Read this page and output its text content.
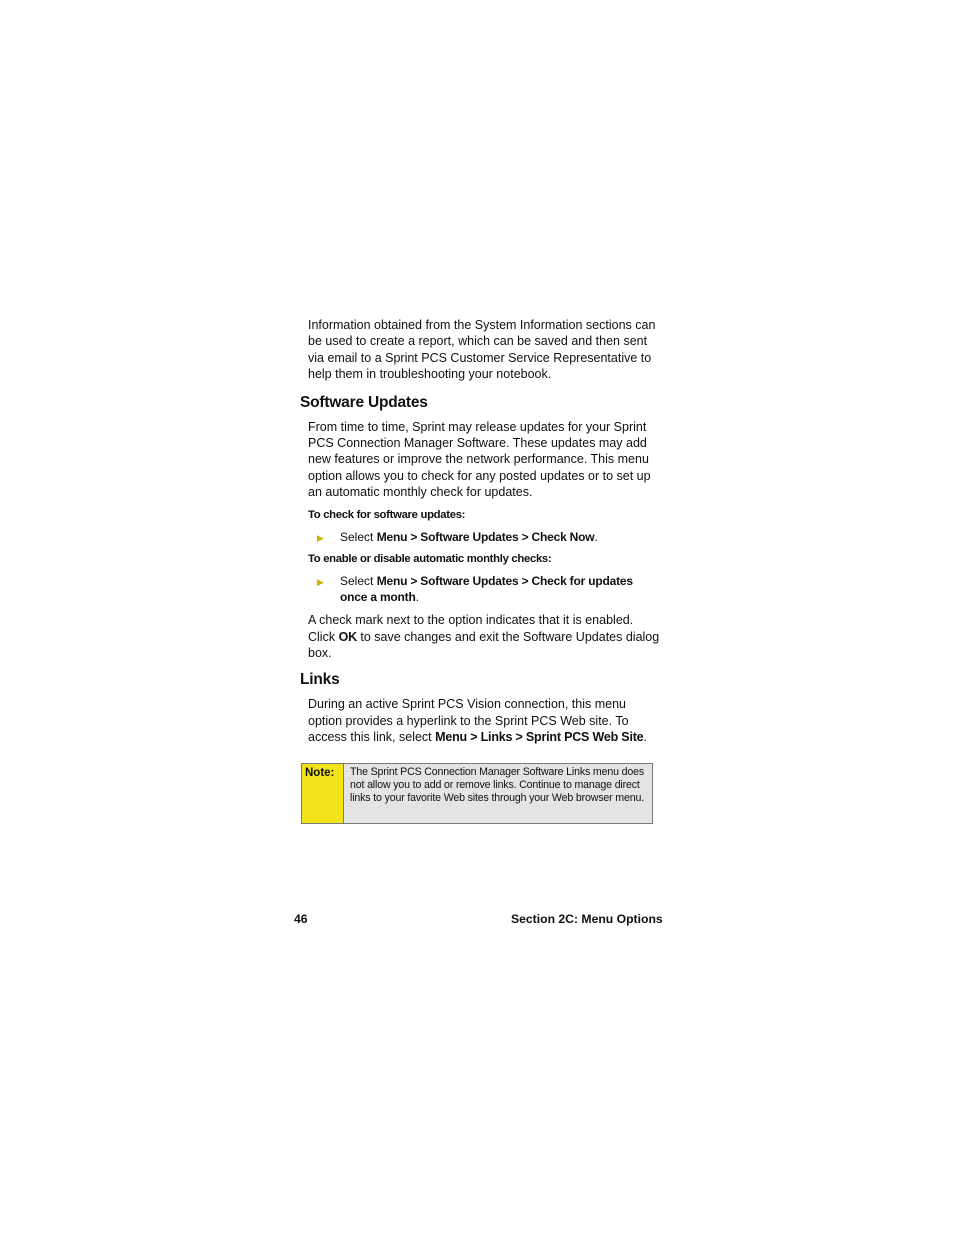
Information obtained from the System Information sections can be used to create a report, which can be saved and then sent via email to a Sprint PCS Customer Service Representative to help them in troubleshooting your notebook.

Software Updates

From time to time, Sprint may release updates for your Sprint PCS Connection Manager Software. These updates may add new features or improve the network performance. This menu option allows you to check for any posted updates or to set up an automatic monthly check for updates.

To check for software updates:
▶ Select Menu > Software Updates > Check Now.
To enable or disable automatic monthly checks:
▶ Select Menu > Software Updates > Check for updates once a month.

A check mark next to the option indicates that it is enabled. Click OK to save changes and exit the Software Updates dialog box.

Links

During an active Sprint PCS Vision connection, this menu option provides a hyperlink to the Sprint PCS Web site. To access this link, select Menu > Links > Sprint PCS Web Site.

Note:	The Sprint PCS Connection Manager Software Links menu does not allow you to add or remove links. Continue to manage direct links to your favorite Web sites through your Web browser menu.
46	Section 2C: Menu Options
